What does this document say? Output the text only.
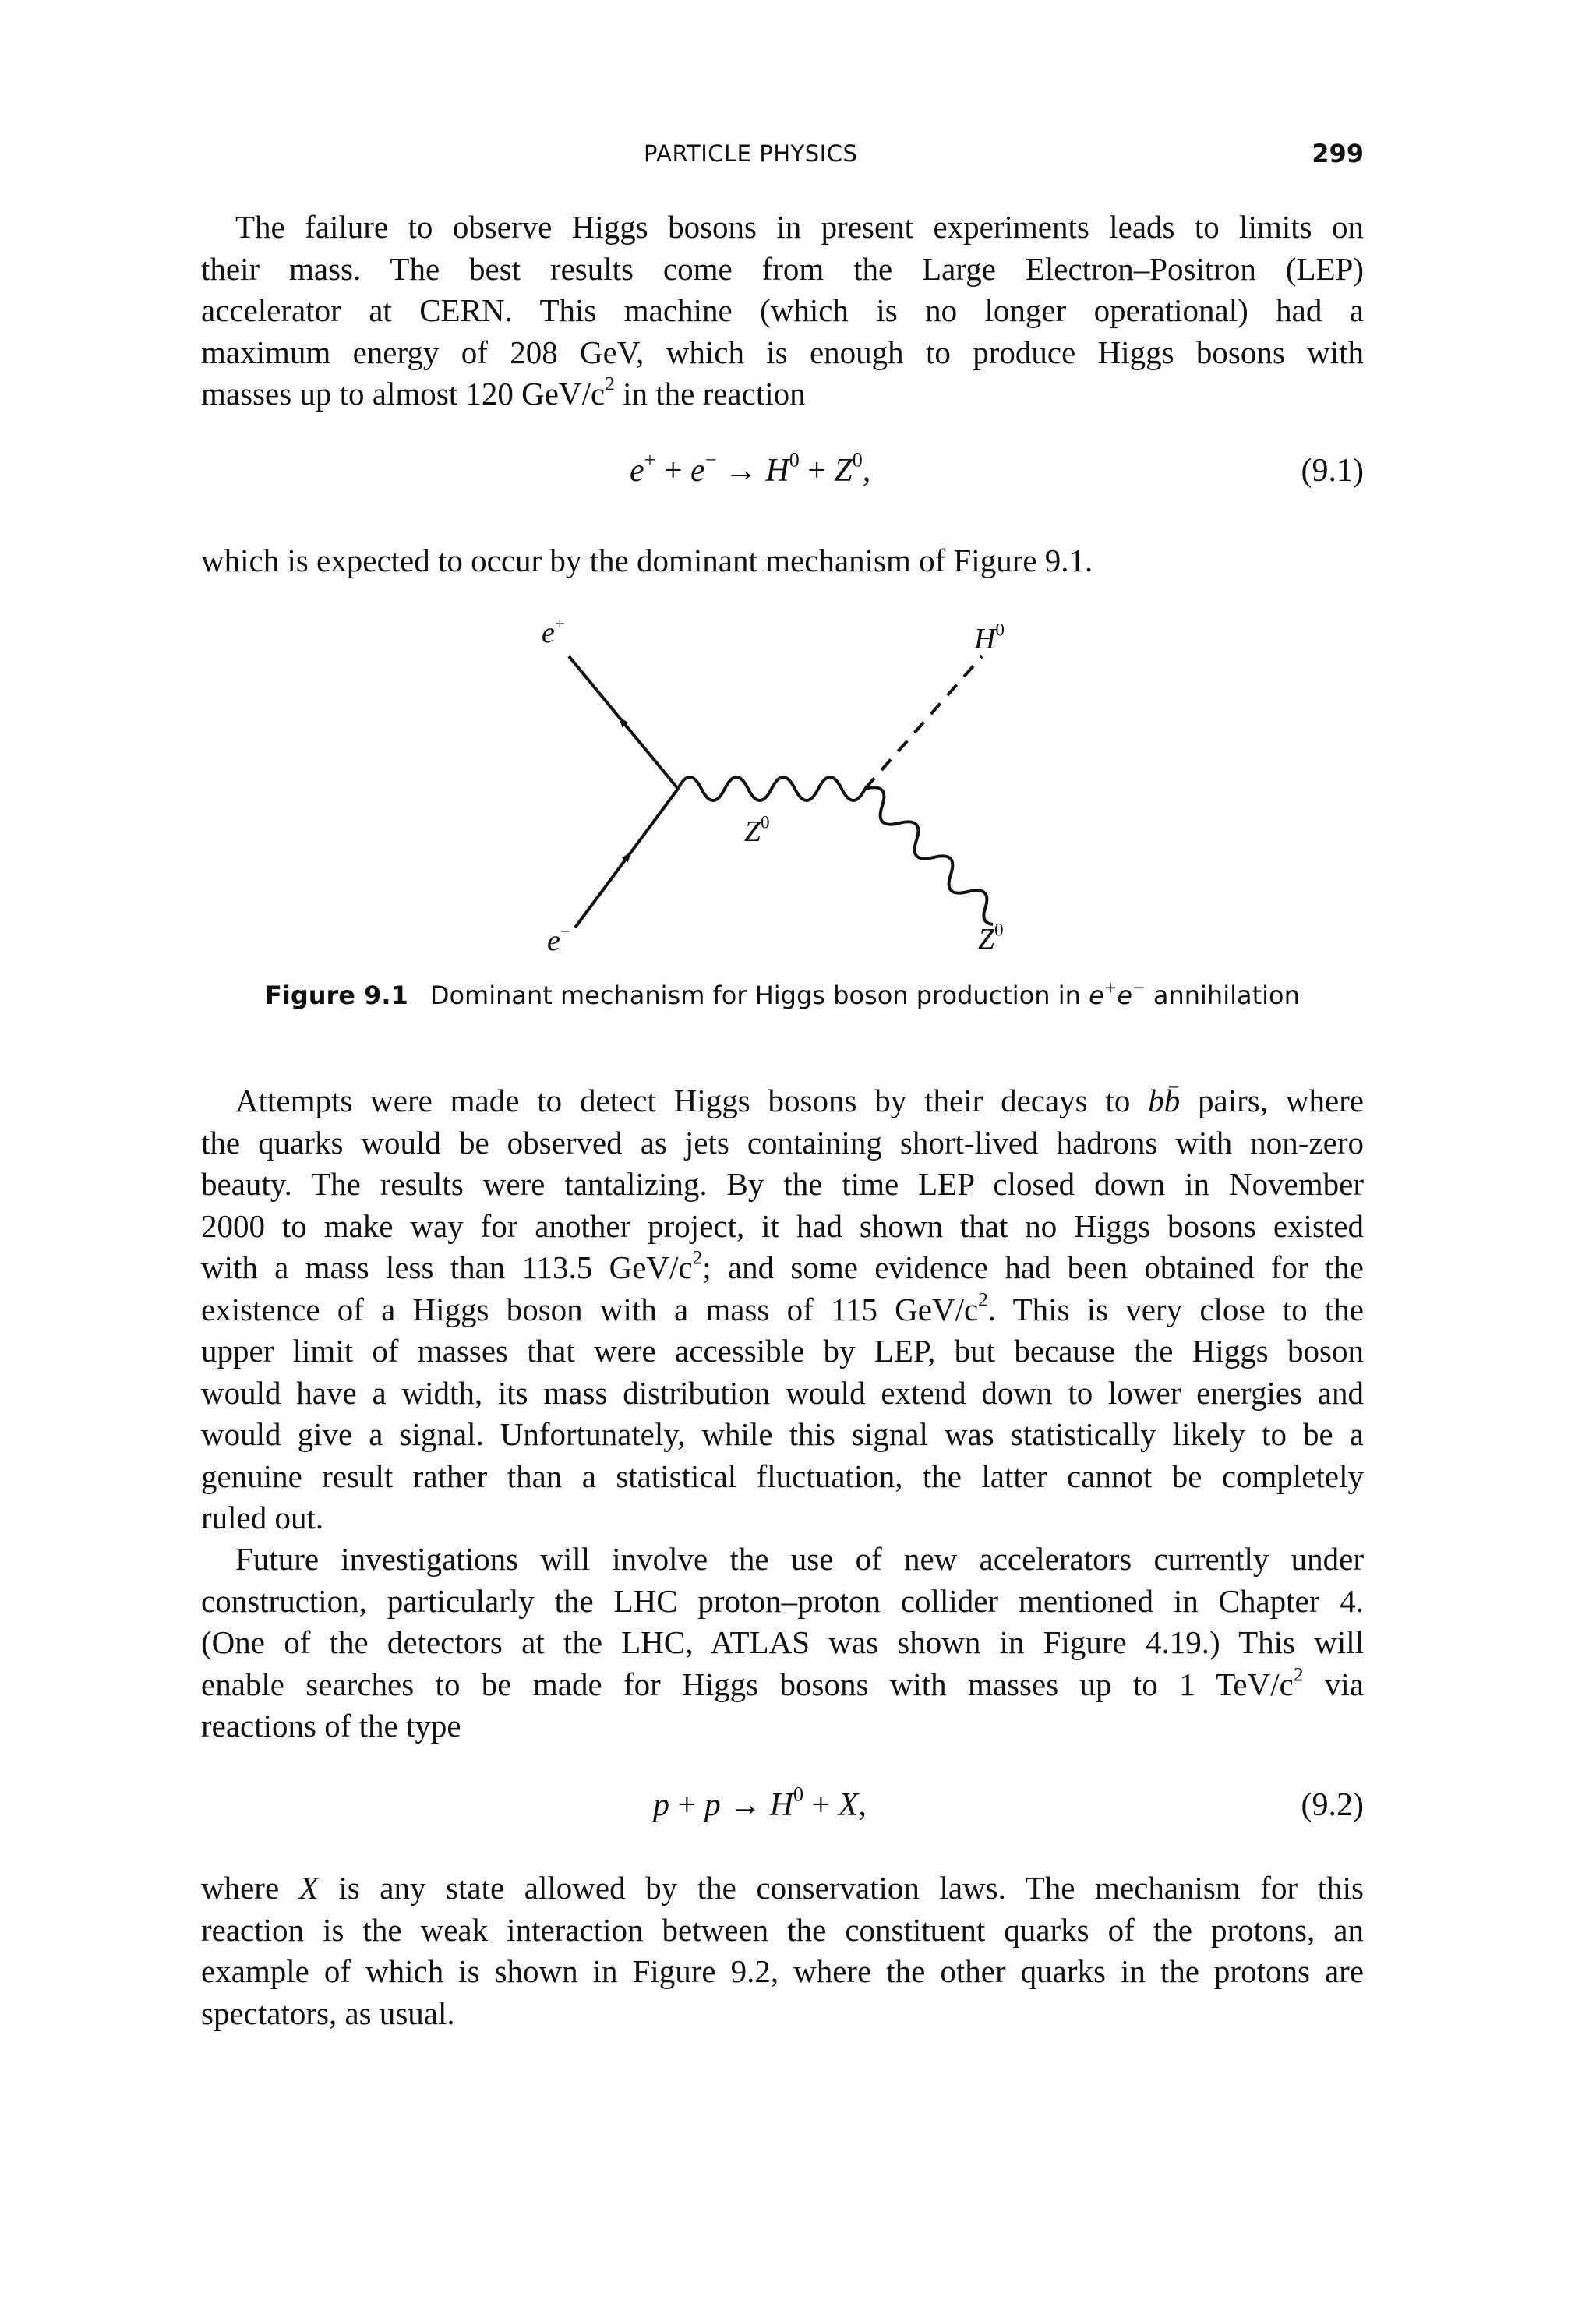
PARTICLE PHYSICS	299
The failure to observe Higgs bosons in present experiments leads to limits on
their mass. The best results come from the Large Electron–Positron (LEP)
accelerator at CERN. This machine (which is no longer operational) had a
maximum energy of 208 GeV, which is enough to produce Higgs bosons with
masses up to almost 120 GeV/$c^2$ in the reaction
$e^+ + e^- \to H^0 + Z^0$,	(9.1)
which is expected to occur by the dominant mechanism of Figure 9.1.
e+	$H^0$
$Z^0$
e−	$Z^0$
Figure 9.1 Dominant mechanism for Higgs boson production in e+e− annihilation
Attempts were made to detect Higgs bosons by their decays to bb̄ pairs, where
the quarks would be observed as jets containing short-lived hadrons with non-zero
beauty. The results were tantalizing. By the time LEP closed down in November
2000 to make way for another project, it had shown that no Higgs bosons existed
with a mass less than 113.5 GeV/$c^2$; and some evidence had been obtained for the
existence of a Higgs boson with a mass of 115 GeV/$c^2$. This is very close to the
upper limit of masses that were accessible by LEP, but because the Higgs boson
would have a width, its mass distribution would extend down to lower energies and
would give a signal. Unfortunately, while this signal was statistically likely to be a
genuine result rather than a statistical fluctuation, the latter cannot be completely
ruled out.
Future investigations will involve the use of new accelerators currently under
construction, particularly the LHC proton–proton collider mentioned in Chapter 4.
(One of the detectors at the LHC, ATLAS was shown in Figure 4.19.) This will
enable searches to be made for Higgs bosons with masses up to 1 TeV/$c^2$ via
reactions of the type
$p + p \to H^0 + X$,	(9.2)
where X is any state allowed by the conservation laws. The mechanism for this
reaction is the weak interaction between the constituent quarks of the protons, an
example of which is shown in Figure 9.2, where the other quarks in the protons are
spectators, as usual.
